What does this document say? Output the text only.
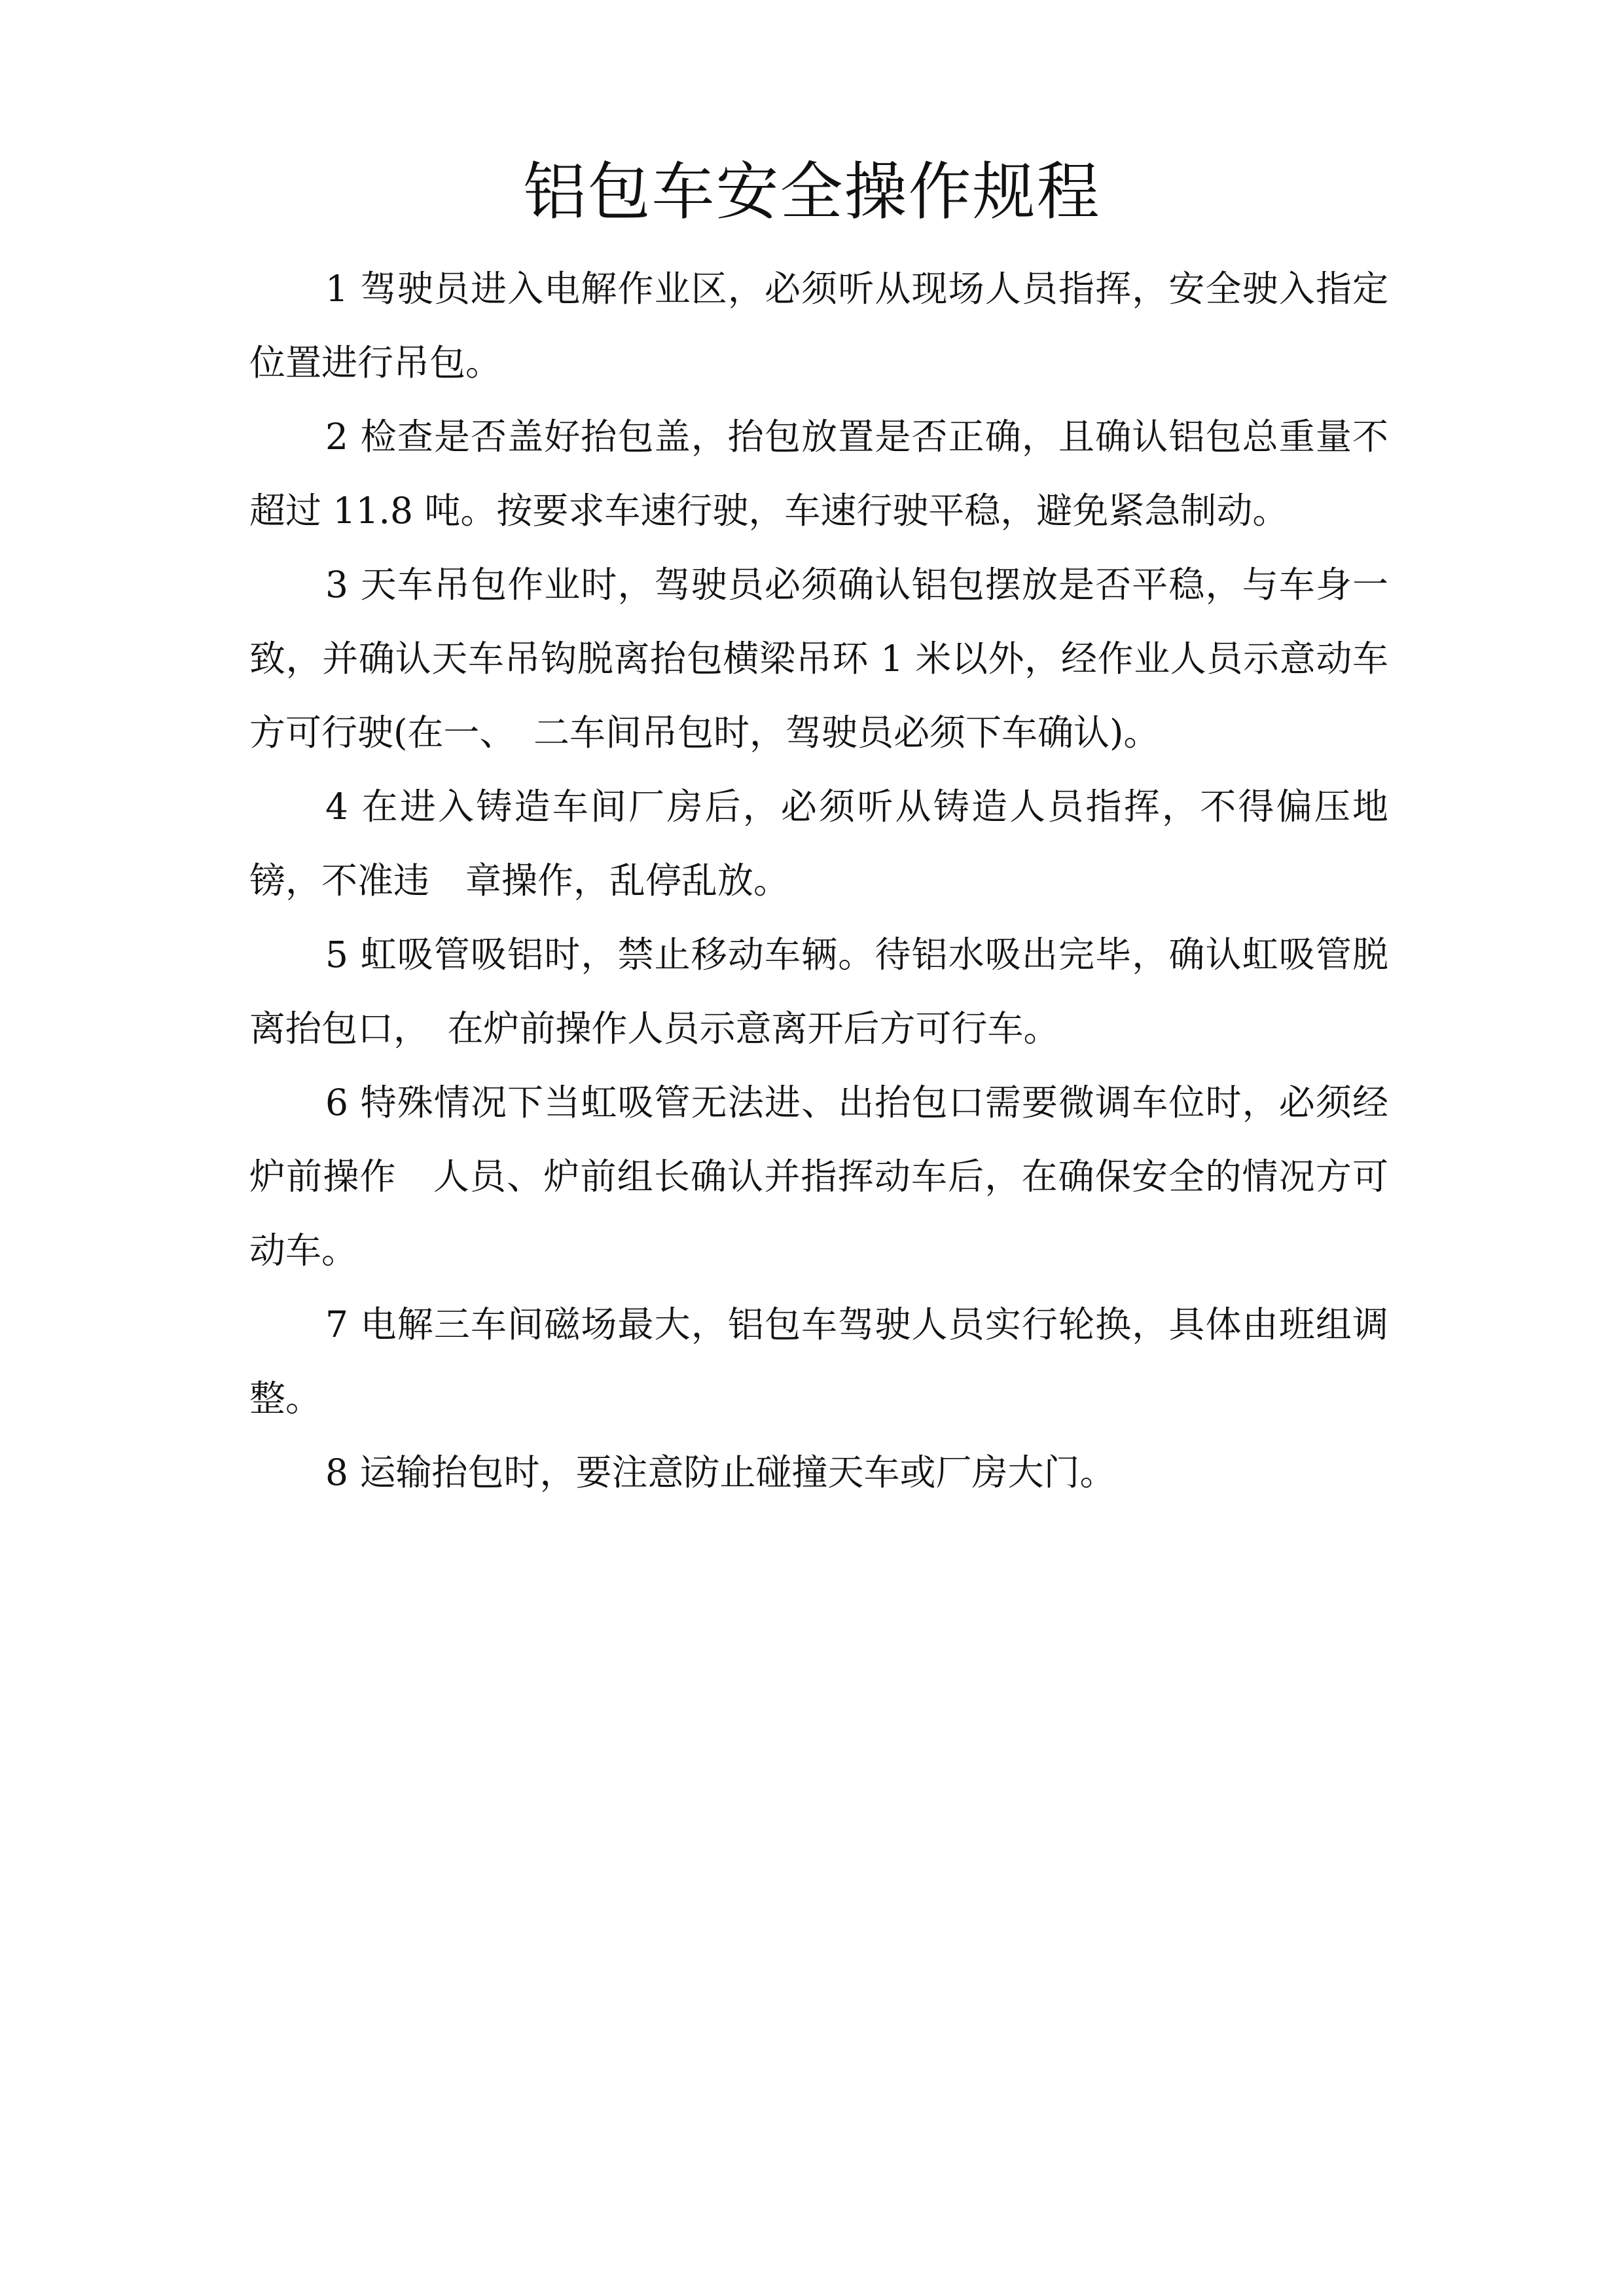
铝包车安全操作规程

1 驾驶员进入电解作业区，必须听从现场人员指挥，安全驶入指定位置进行吊包。

2 检查是否盖好抬包盖，抬包放置是否正确，且确认铝包总重量不超过 11.8 吨。按要求车速行驶，车速行驶平稳，避免紧急制动。

3 天车吊包作业时，驾驶员必须确认铝包摆放是否平稳，与车身一致，并确认天车吊钩脱离抬包横梁吊环 1 米以外，经作业人员示意动车方可行驶(在一、　二车间吊包时，驾驶员必须下车确认)。

4 在进入铸造车间厂房后，必须听从铸造人员指挥，不得偏压地镑，不准违　章操作，乱停乱放。

5 虹吸管吸铝时，禁止移动车辆。待铝水吸出完毕，确认虹吸管脱离抬包口，　在炉前操作人员示意离开后方可行车。

6 特殊情况下当虹吸管无法进、出抬包口需要微调车位时，必须经炉前操作　人员、炉前组长确认并指挥动车后，在确保安全的情况方可动车。

7 电解三车间磁场最大，铝包车驾驶人员实行轮换，具体由班组调整。

8 运输抬包时，要注意防止碰撞天车或厂房大门。
